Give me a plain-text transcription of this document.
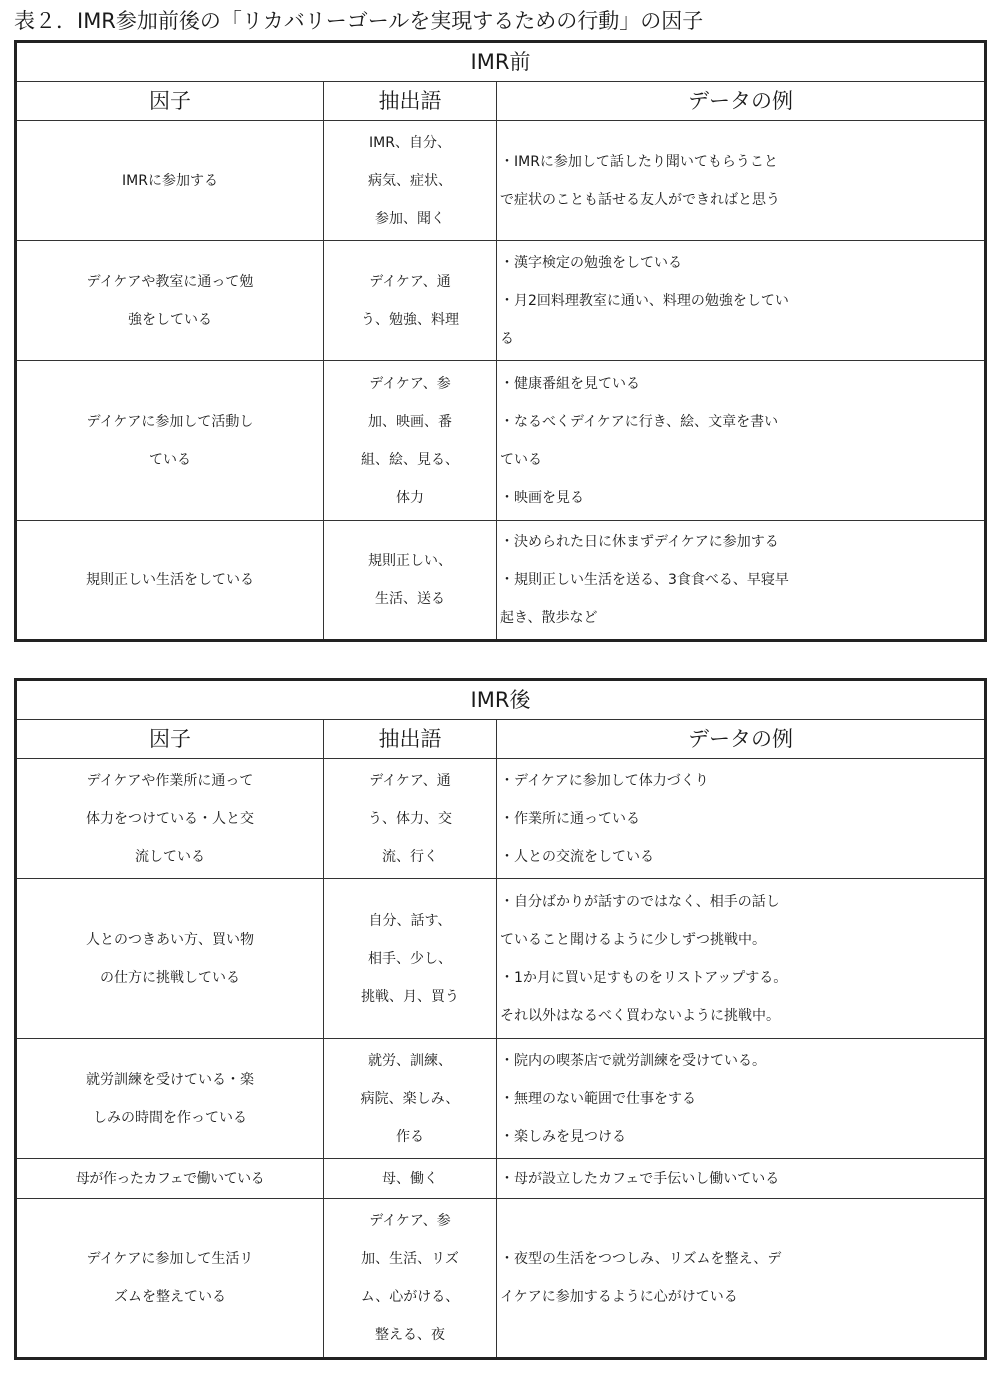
表２．IMR参加前後の「リカバリーゴールを実現するための行動」の因子
IMR前		
因子	抽出語	データの例

IMRに参加する	IMR、自分、
病気、症状、
参加、聞く	・IMRに参加して話したり聞いてもらうこと
で症状のことも話せる友人ができればと思う

デイケアや教室に通って勉
強をしている	デイケア、通
う、勉強、料理	・漢字検定の勉強をしている
・月2回料理教室に通い、料理の勉強をしてい
る

デイケアに参加して活動し
ている	デイケア、参
加、映画、番
組、絵、見る、
体力	・健康番組を見ている
・なるべくデイケアに行き、絵、文章を書い
ている
・映画を見る

規則正しい生活をしている	規則正しい、
生活、送る	・決められた日に休まずデイケアに参加する
・規則正しい生活を送る、3食食べる、早寝早
起き、散歩など
IMR後		
因子	抽出語	データの例

デイケアや作業所に通って
体力をつけている・人と交
流している	デイケア、通
う、体力、交
流、行く	・デイケアに参加して体力づくり
・作業所に通っている
・人との交流をしている

人とのつきあい方、買い物
の仕方に挑戦している	自分、話す、
相手、少し、
挑戦、月、買う	・自分ばかりが話すのではなく、相手の話し
ていること聞けるように少しずつ挑戦中。
・1か月に買い足すものをリストアップする。
それ以外はなるべく買わないように挑戦中。

就労訓練を受けている・楽
しみの時間を作っている	就労、訓練、
病院、楽しみ、
作る	・院内の喫茶店で就労訓練を受けている。
・無理のない範囲で仕事をする
・楽しみを見つける

母が作ったカフェで働いている	母、働く	・母が設立したカフェで手伝いし働いている

デイケアに参加して生活リ
ズムを整えている	デイケア、参
加、生活、リズ
ム、心がける、
整える、夜	・夜型の生活をつつしみ、リズムを整え、デ
イケアに参加するように心がけている
